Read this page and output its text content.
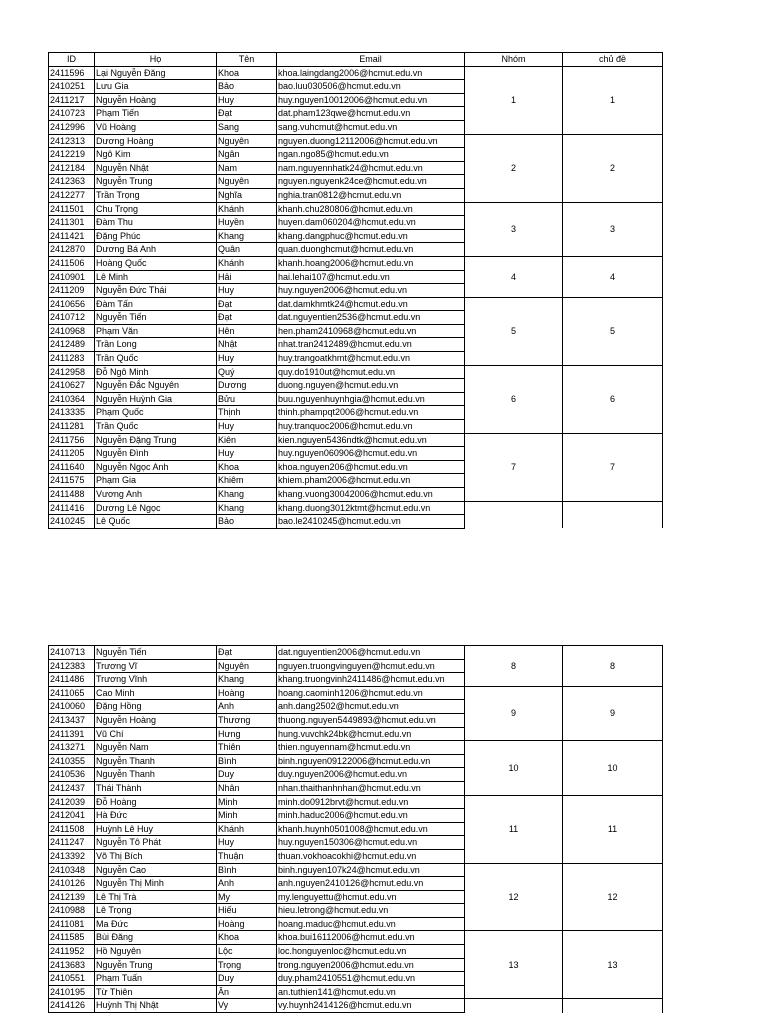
ID	Họ	Tên	Email	Nhóm	chủ đề
2411596	Lại Nguyễn Đăng	Khoa	khoa.laingdang2006@hcmut.edu.vn	1	1
2410251	Lưu Gia	Bảo	bao.luu030506@hcmut.edu.vn		
2411217	Nguyễn Hoàng	Huy	huy.nguyen10012006@hcmut.edu.vn		
2410723	Phạm Tiến	Đạt	dat.pham123qwe@hcmut.edu.vn		
2412996	Vũ Hoàng	Sang	sang.vuhcmut@hcmut.edu.vn		
2412313	Dương Hoàng	Nguyên	nguyen.duong12112006@hcmut.edu.vn	2	2
2412219	Ngô Kim	Ngân	ngan.ngo85@hcmut.edu.vn		
2412184	Nguyễn Nhật	Nam	nam.nguyennhatk24@hcmut.edu.vn		
2412363	Nguyễn Trung	Nguyên	nguyen.nguyenk24ce@hcmut.edu.vn		
2412277	Trần Trọng	Nghĩa	nghia.tran0812@hcmut.edu.vn		
2411501	Chu Trọng	Khánh	khanh.chu280806@hcmut.edu.vn	3	3
2411301	Đàm Thu	Huyền	huyen.dam060204@hcmut.edu.vn		
2411421	Đặng Phúc	Khang	khang.dangphuc@hcmut.edu.vn		
2412870	Dương Bá Anh	Quân	quan.duonghcmut@hcmut.edu.vn		
2411506	Hoàng Quốc	Khánh	khanh.hoang2006@hcmut.edu.vn	4	4
2410901	Lê Minh	Hải	hai.lehai107@hcmut.edu.vn		
2411209	Nguyễn Đức Thái	Huy	huy.nguyen2006@hcmut.edu.vn		
2410656	Đàm Tấn	Đạt	dat.damkhmtk24@hcmut.edu.vn	5	5
2410712	Nguyễn Tiến	Đạt	dat.nguyentien2536@hcmut.edu.vn		
2410968	Phạm Văn	Hên	hen.pham2410968@hcmut.edu.vn		
2412489	Trần Long	Nhật	nhat.tran2412489@hcmut.edu.vn		
2411283	Trần Quốc	Huy	huy.trangoatkhmt@hcmut.edu.vn		
2412958	Đỗ Ngô Minh	Quý	quy.do1910ut@hcmut.edu.vn	6	6
2410627	Nguyễn Đắc Nguyên	Dương	duong.nguyen@hcmut.edu.vn		
2410364	Nguyễn Huỳnh Gia	Bửu	buu.nguyenhuynhgia@hcmut.edu.vn		
2413335	Phạm Quốc	Thịnh	thinh.phampqt2006@hcmut.edu.vn		
2411281	Trần Quốc	Huy	huy.tranquoc2006@hcmut.edu.vn		
2411756	Nguyễn Đặng Trung	Kiên	kien.nguyen5436ndtk@hcmut.edu.vn	7	7
2411205	Nguyễn Đình	Huy	huy.nguyen060906@hcmut.edu.vn		
2411640	Nguyễn Ngọc Anh	Khoa	khoa.nguyen206@hcmut.edu.vn		
2411575	Phạm Gia	Khiêm	khiem.pham2006@hcmut.edu.vn		
2411488	Vương Anh	Khang	khang.vuong30042006@hcmut.edu.vn		
2411416	Dương Lê Ngọc	Khang	khang.duong3012ktmt@hcmut.edu.vn		
2410245	Lê Quốc	Bảo	bao.le2410245@hcmut.edu.vn		
2410713	Nguyễn Tiến	Đạt	dat.nguyentien2006@hcmut.edu.vn	8	8
2412383	Trương Vĩ	Nguyên	nguyen.truongvinguyen@hcmut.edu.vn		
2411486	Trương Vĩnh	Khang	khang.truongvinh2411486@hcmut.edu.vn		
2411065	Cao Minh	Hoàng	hoang.caominh1206@hcmut.edu.vn	9	9
2410060	Đặng Hồng	Anh	anh.dang2502@hcmut.edu.vn		
2413437	Nguyễn Hoàng	Thương	thuong.nguyen5449893@hcmut.edu.vn		
2411391	Vũ Chí	Hưng	hung.vuvchk24bk@hcmut.edu.vn		
2413271	Nguyễn Nam	Thiên	thien.nguyennam@hcmut.edu.vn	10	10
2410355	Nguyễn Thanh	Bình	binh.nguyen09122006@hcmut.edu.vn		
2410536	Nguyễn Thanh	Duy	duy.nguyen2006@hcmut.edu.vn		
2412437	Thái Thành	Nhân	nhan.thaithanhnhan@hcmut.edu.vn		
2412039	Đỗ Hoàng	Minh	minh.do0912brvt@hcmut.edu.vn	11	11
2412041	Hà Đức	Minh	minh.haduc2006@hcmut.edu.vn		
2411508	Huỳnh Lê Huy	Khánh	khanh.huynh0501008@hcmut.edu.vn		
2411247	Nguyễn Tô Phát	Huy	huy.nguyen150306@hcmut.edu.vn		
2413392	Võ Thị Bích	Thuận	thuan.vokhoacokhi@hcmut.edu.vn		
2410348	Nguyễn Cao	Bình	binh.nguyen107k24@hcmut.edu.vn	12	12
2410126	Nguyễn Thị Minh	Anh	anh.nguyen2410126@hcmut.edu.vn		
2412139	Lê Thị Trà	My	my.lenguyettu@hcmut.edu.vn		
2410988	Lê Trọng	Hiếu	hieu.letrong@hcmut.edu.vn		
2411081	Ma Đức	Hoàng	hoang.maduc@hcmut.edu.vn		
2411585	Bùi Đăng	Khoa	khoa.bui16112006@hcmut.edu.vn	13	13
2411952	Hồ Nguyên	Lộc	loc.honguyenloc@hcmut.edu.vn		
2413683	Nguyễn Trung	Trọng	trong.nguyen2006@hcmut.edu.vn		
2410551	Phạm Tuấn	Duy	duy.pham2410551@hcmut.edu.vn		
2410195	Từ Thiên	Ân	an.tuthien141@hcmut.edu.vn		
2414126	Huỳnh Thị Nhật	Vy	vy.huynh2414126@hcmut.edu.vn		
